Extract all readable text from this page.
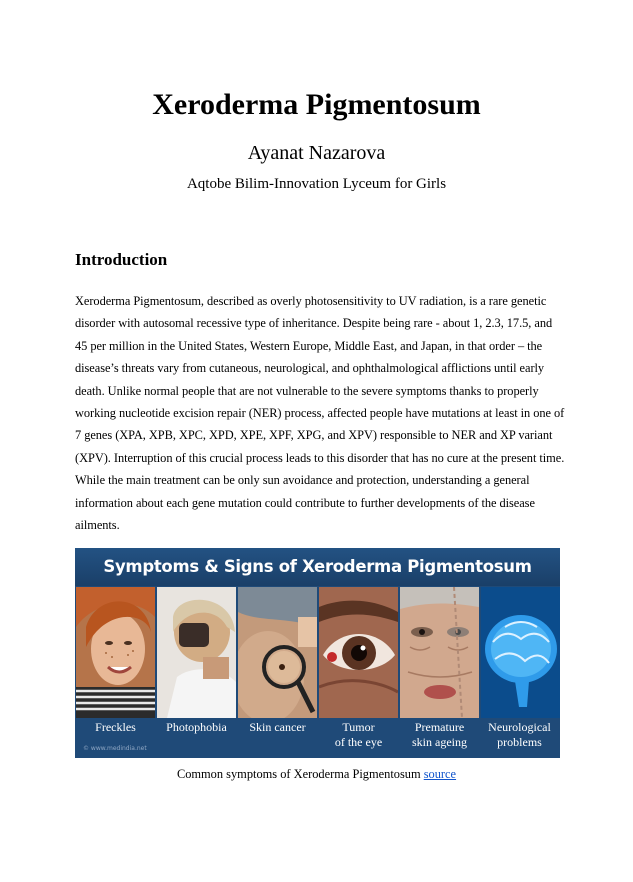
Xeroderma Pigmentosum
Ayanat Nazarova
Aqtobe Bilim-Innovation Lyceum for Girls
Introduction

Xeroderma Pigmentosum, described as overly photosensitivity to UV radiation, is a rare genetic disorder with autosomal recessive type of inheritance. Despite being rare - about 1, 2.3, 17.5, and 45 per million in the United States, Western Europe, Middle East, and Japan, in that order – the disease’s threats vary from cutaneous, neurological, and ophthalmological afflictions until early death. Unlike normal people that are not vulnerable to the severe symptoms thanks to properly working nucleotide excision repair (NER) process, affected people have mutations at least in one of 7 genes (XPA, XPB, XPC, XPD, XPE, XPF, XPG, and XPV) responsible to NER and XP variant (XPV). Interruption of this crucial process leads to this disorder that has no cure at the present time. While the main treatment can be only sun avoidance and protection, understanding a general information about each gene mutation could contribute to further developments of the disease ailments.

Symptoms & Signs of Xeroderma Pigmentosum
Freckles	Photophobia	Skin cancer	Tumor
of the eye
Premature
skin ageing
Neurological
problems
© www.medindia.net
Common symptoms of Xeroderma Pigmentosum source
